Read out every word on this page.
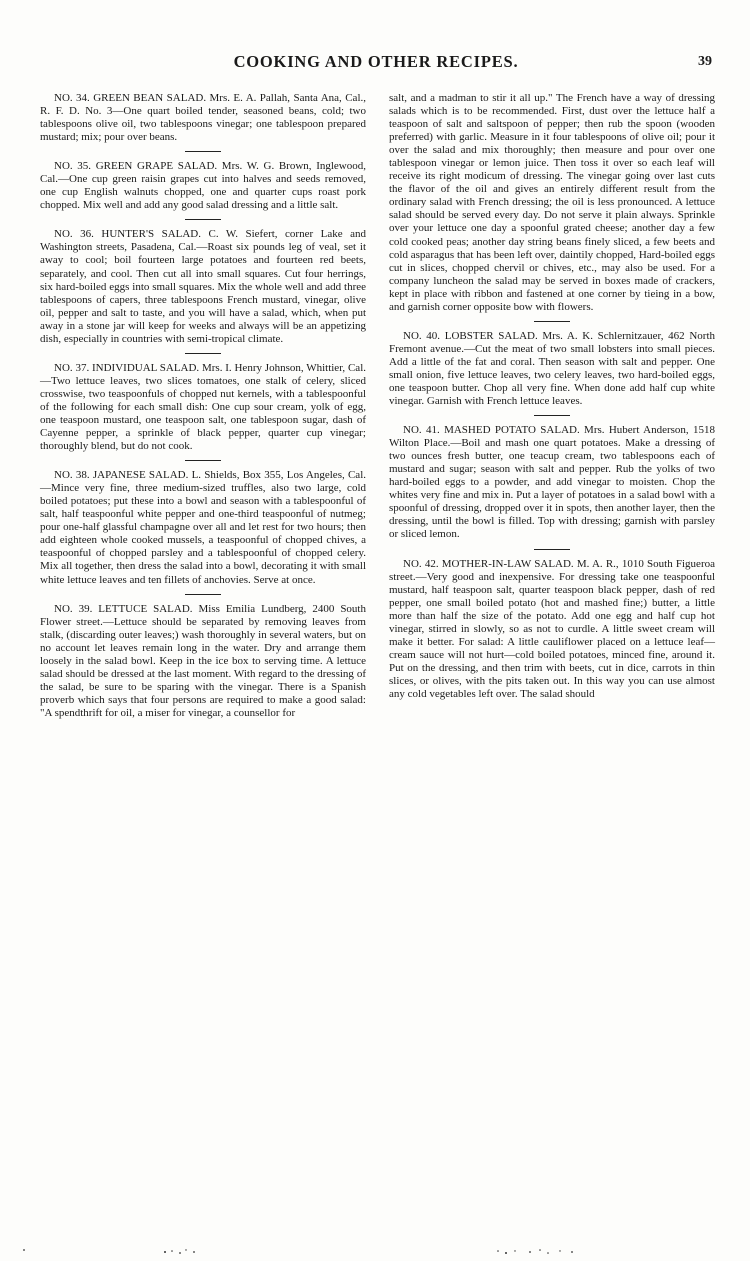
COOKING AND OTHER RECIPES.	39

NO. 34. GREEN BEAN SALAD. Mrs. E. A. Pallah, Santa Ana, Cal., R. F. D. No. 3—One quart boiled tender, seasoned beans, cold; two tablespoons olive oil, two tablespoons vinegar; one tablespoon prepared mustard; mix; pour over beans.

NO. 35. GREEN GRAPE SALAD. Mrs. W. G. Brown, Inglewood, Cal.—One cup green raisin grapes cut into halves and seeds removed, one cup English walnuts chopped, one and quarter cups roast pork chopped. Mix well and add any good salad dressing and a little salt.

NO. 36. HUNTER'S SALAD. C. W. Siefert, corner Lake and Washington streets, Pasadena, Cal.—Roast six pounds leg of veal, set it away to cool; boil fourteen large potatoes and fourteen red beets, separately, and cool. Then cut all into small squares. Cut four herrings, six hard-boiled eggs into small squares. Mix the whole well and add three tablespoons of capers, three tablespoons French mustard, vinegar, olive oil, pepper and salt to taste, and you will have a salad, which, when put away in a stone jar will keep for weeks and always will be an appetizing dish, especially in countries with semi-tropical climate.

NO. 37. INDIVIDUAL SALAD. Mrs. I. Henry Johnson, Whittier, Cal.—Two lettuce leaves, two slices tomatoes, one stalk of celery, sliced crosswise, two teaspoonfuls of chopped nut kernels, with a tablespoonful of the following for each small dish: One cup sour cream, yolk of egg, one teaspoon mustard, one teaspoon salt, one tablespoon sugar, dash of Cayenne pepper, a sprinkle of black pepper, quarter cup vinegar; thoroughly blend, but do not cook.

NO. 38. JAPANESE SALAD. L. Shields, Box 355, Los Angeles, Cal.—Mince very fine, three medium-sized truffles, also two large, cold boiled potatoes; put these into a bowl and season with a tablespoonful of salt, half teaspoonful white pepper and one-third teaspoonful of nutmeg; pour one-half glassful champagne over all and let rest for two hours; then add eighteen whole cooked mussels, a teaspoonful of chopped chives, a teaspoonful of chopped parsley and a tablespoonful of chopped celery. Mix all together, then dress the salad into a bowl, decorating it with small white lettuce leaves and ten fillets of anchovies. Serve at once.

NO. 39. LETTUCE SALAD. Miss Emilia Lundberg, 2400 South Flower street.—Lettuce should be separated by removing leaves from stalk, (discarding outer leaves;) wash thoroughly in several waters, but on no account let leaves remain long in the water. Dry and arrange them loosely in the salad bowl. Keep in the ice box to serving time. A lettuce salad should be dressed at the last moment. With regard to the dressing of the salad, be sure to be sparing with the vinegar. There is a Spanish proverb which says that four persons are required to make a good salad: "A spendthrift for oil, a miser for vinegar, a counsellor for

salt, and a madman to stir it all up." The French have a way of dressing salads which is to be recommended. First, dust over the lettuce half a teaspoon of salt and saltspoon of pepper; then rub the spoon (wooden preferred) with garlic. Measure in it four tablespoons of olive oil; pour it over the salad and mix thoroughly; then measure and pour over one tablespoon vinegar or lemon juice. Then toss it over so each leaf will receive its right modicum of dressing. The vinegar going over last cuts the flavor of the oil and gives an entirely different result from the ordinary salad with French dressing; the oil is less pronounced. A lettuce salad should be served every day. Do not serve it plain always. Sprinkle over your lettuce one day a spoonful grated cheese; another day a few cold cooked peas; another day string beans finely sliced, a few beets and cold asparagus that has been left over, daintily chopped, Hard-boiled eggs cut in slices, chopped chervil or chives, etc., may also be used. For a company luncheon the salad may be served in boxes made of crackers, kept in place with ribbon and fastened at one corner by tieing in a bow, and garnish corner opposite bow with flowers.

NO. 40. LOBSTER SALAD. Mrs. A. K. Schlernitzauer, 462 North Fremont avenue.—Cut the meat of two small lobsters into small pieces. Add a little of the fat and coral. Then season with salt and pepper. One small onion, five lettuce leaves, two celery leaves, two hard-boiled eggs, one teaspoon butter. Chop all very fine. When done add half cup white vinegar. Garnish with French lettuce leaves.

NO. 41. MASHED POTATO SALAD. Mrs. Hubert Anderson, 1518 Wilton Place.—Boil and mash one quart potatoes. Make a dressing of two ounces fresh butter, one teacup cream, two tablespoons each of mustard and sugar; season with salt and pepper. Rub the yolks of two hard-boiled eggs to a powder, and add vinegar to moisten. Chop the whites very fine and mix in. Put a layer of potatoes in a salad bowl with a spoonful of dressing, dropped over it in spots, then another layer, then the dressing, until the bowl is filled. Top with dressing; garnish with parsley or sliced lemon.

NO. 42. MOTHER-IN-LAW SALAD. M. A. R., 1010 South Figueroa street.—Very good and inexpensive. For dressing take one teaspoonful mustard, half teaspoon salt, quarter teaspoon black pepper, dash of red pepper, one small boiled potato (hot and mashed fine;) butter, a little more than half the size of the potato. Add one egg and half cup hot vinegar, stirred in slowly, so as not to curdle. A little sweet cream will make it better. For salad: A little cauliflower placed on a lettuce leaf—cream sauce will not hurt—cold boiled potatoes, minced fine, around it. Put on the dressing, and then trim with beets, cut in dice, carrots in thin slices, or olives, with the pits taken out. In this way you can use almost any cold vegetables left over. The salad should
